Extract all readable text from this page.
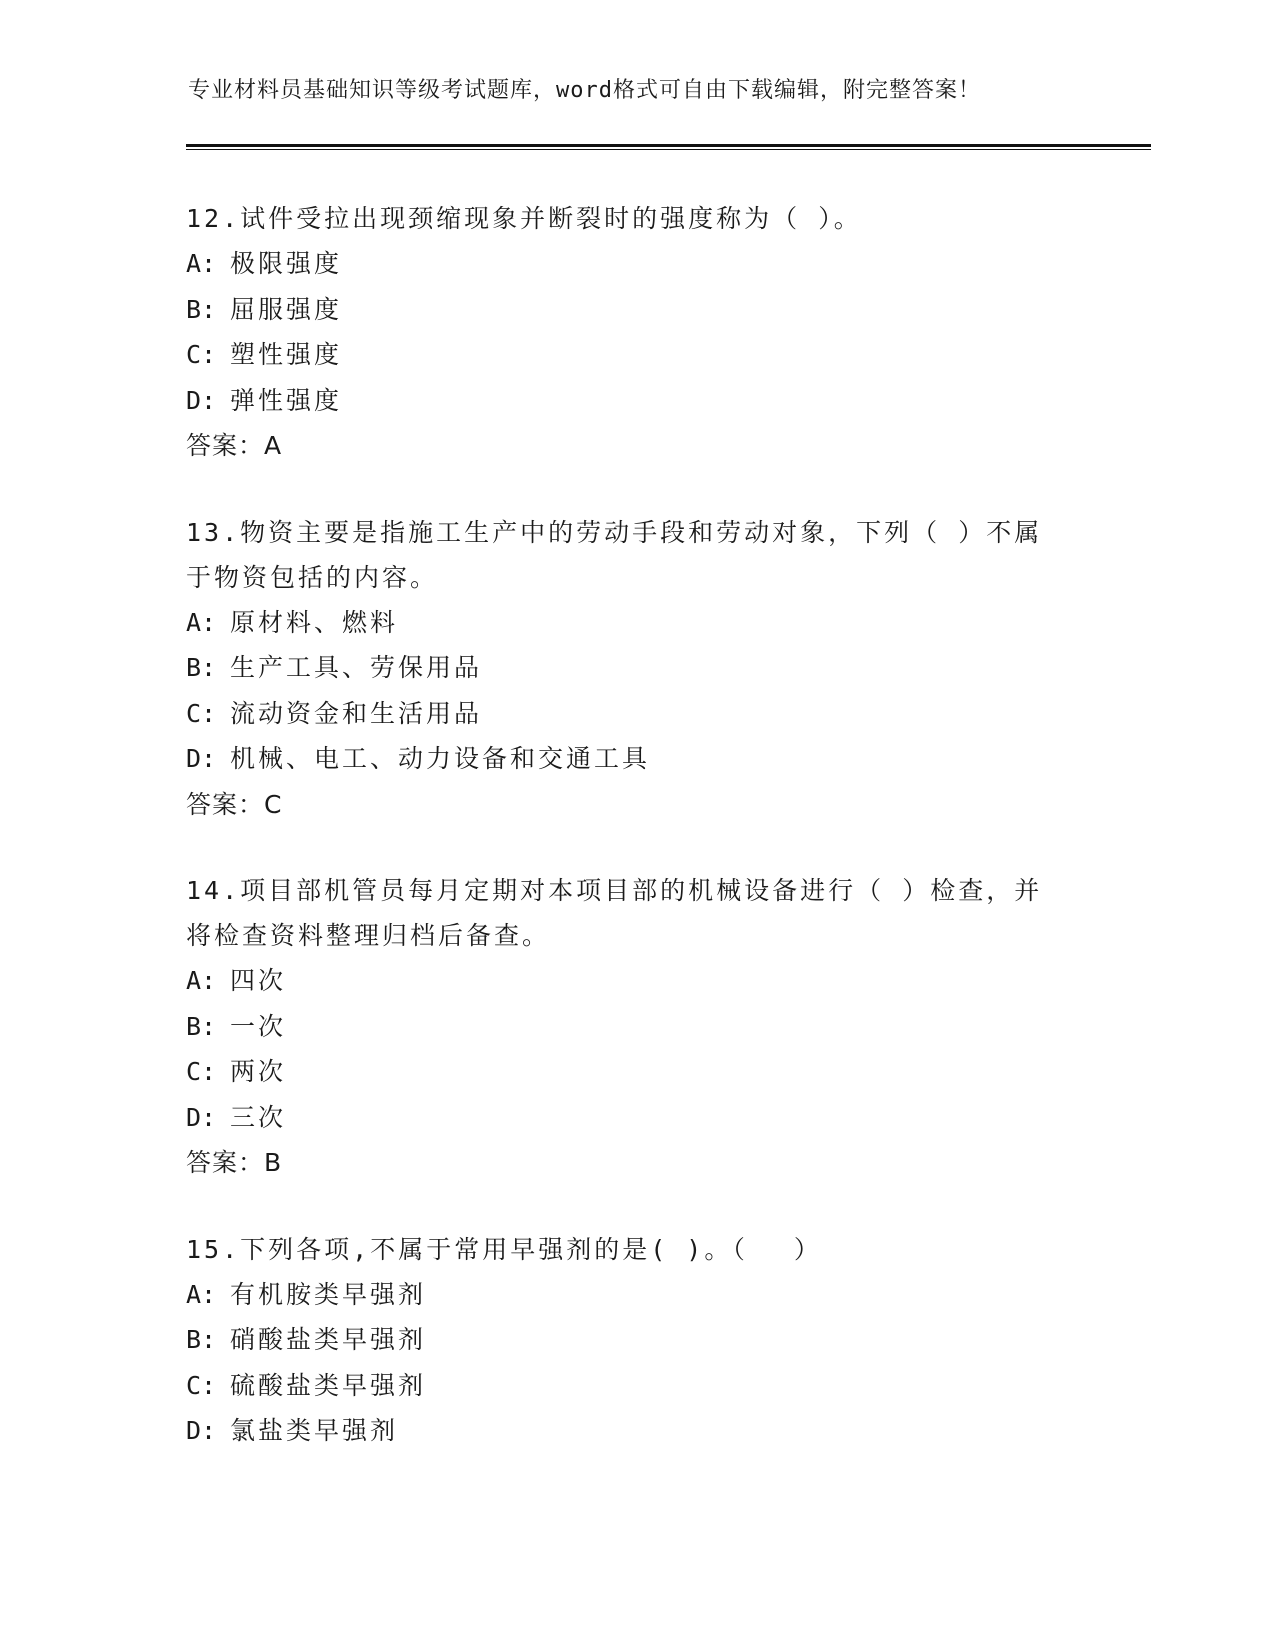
专业材料员基础知识等级考试题库，word格式可自由下载编辑，附完整答案！

12.试件受拉出现颈缩现象并断裂时的强度称为（ ）。

A: 极限强度
B: 屈服强度
C: 塑性强度
D: 弹性强度
答案：A

13.物资主要是指施工生产中的劳动手段和劳动对象，下列（ ）不属于物资包括的内容。

A: 原材料、燃料
B: 生产工具、劳保用品
C: 流动资金和生活用品
D: 机械、电工、动力设备和交通工具
答案：C

14.项目部机管员每月定期对本项目部的机械设备进行（ ）检查，并将检查资料整理归档后备查。

A: 四次
B: 一次
C: 两次
D: 三次
答案：B

15.下列各项,不属于常用早强剂的是( )。（　 ）

A: 有机胺类早强剂
B: 硝酸盐类早强剂
C: 硫酸盐类早强剂
D: 氯盐类早强剂
